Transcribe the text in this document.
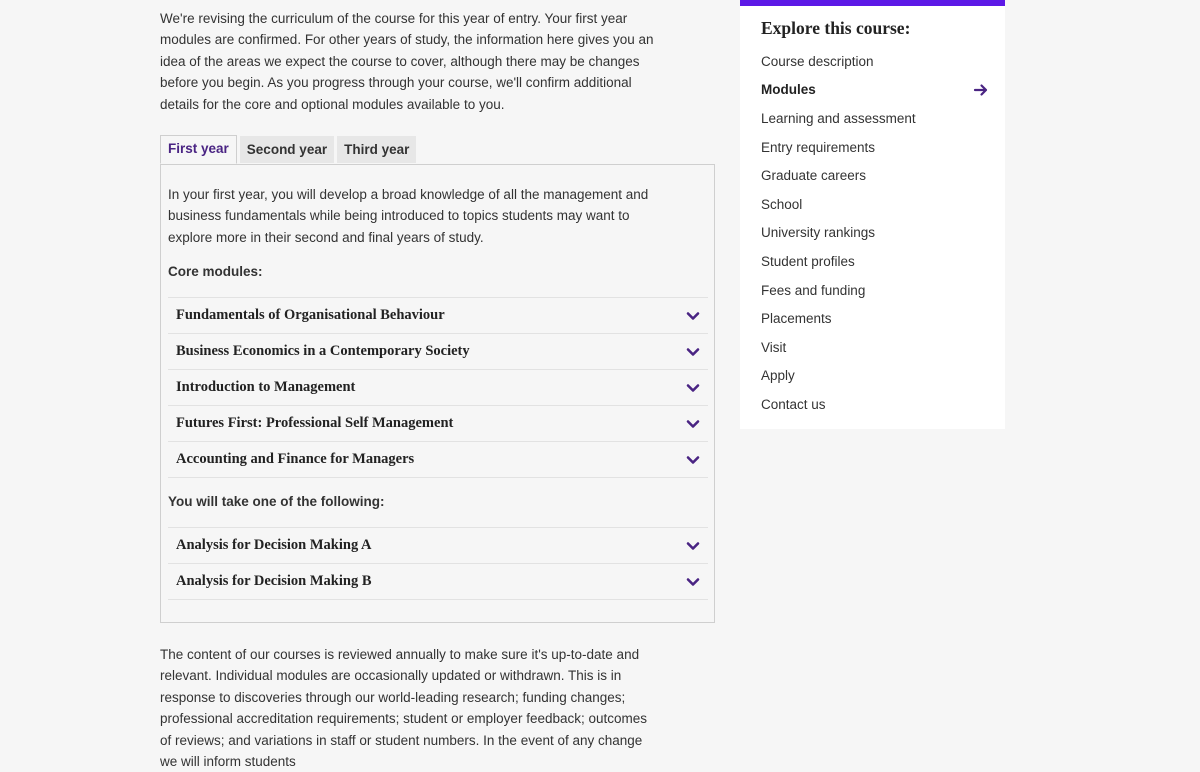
We're revising the curriculum of the course for this year of entry. Your first year modules are confirmed. For other years of study, the information here gives you an idea of the areas we expect the course to cover, although there may be changes before you begin. As you progress through your course, we'll confirm additional details for the core and optional modules available to you.

First year	Second year	Third year

In your first year, you will develop a broad knowledge of all the management and business fundamentals while being introduced to topics students may want to explore more in their second and final years of study.

Core modules:

Fundamentals of Organisational Behaviour
Business Economics in a Contemporary Society
Introduction to Management
Futures First: Professional Self Management
Accounting and Finance for Managers

You will take one of the following:

Analysis for Decision Making A
Analysis for Decision Making B

The content of our courses is reviewed annually to make sure it's up-to-date and relevant. Individual modules are occasionally updated or withdrawn. This is in response to discoveries through our world-leading research; funding changes; professional accreditation requirements; student or employer feedback; outcomes of reviews; and variations in staff or student numbers. In the event of any change we will inform students

Explore this course:
Course description
Modules
Learning and assessment
Entry requirements
Graduate careers
School
University rankings
Student profiles
Fees and funding
Placements
Visit
Apply
Contact us
